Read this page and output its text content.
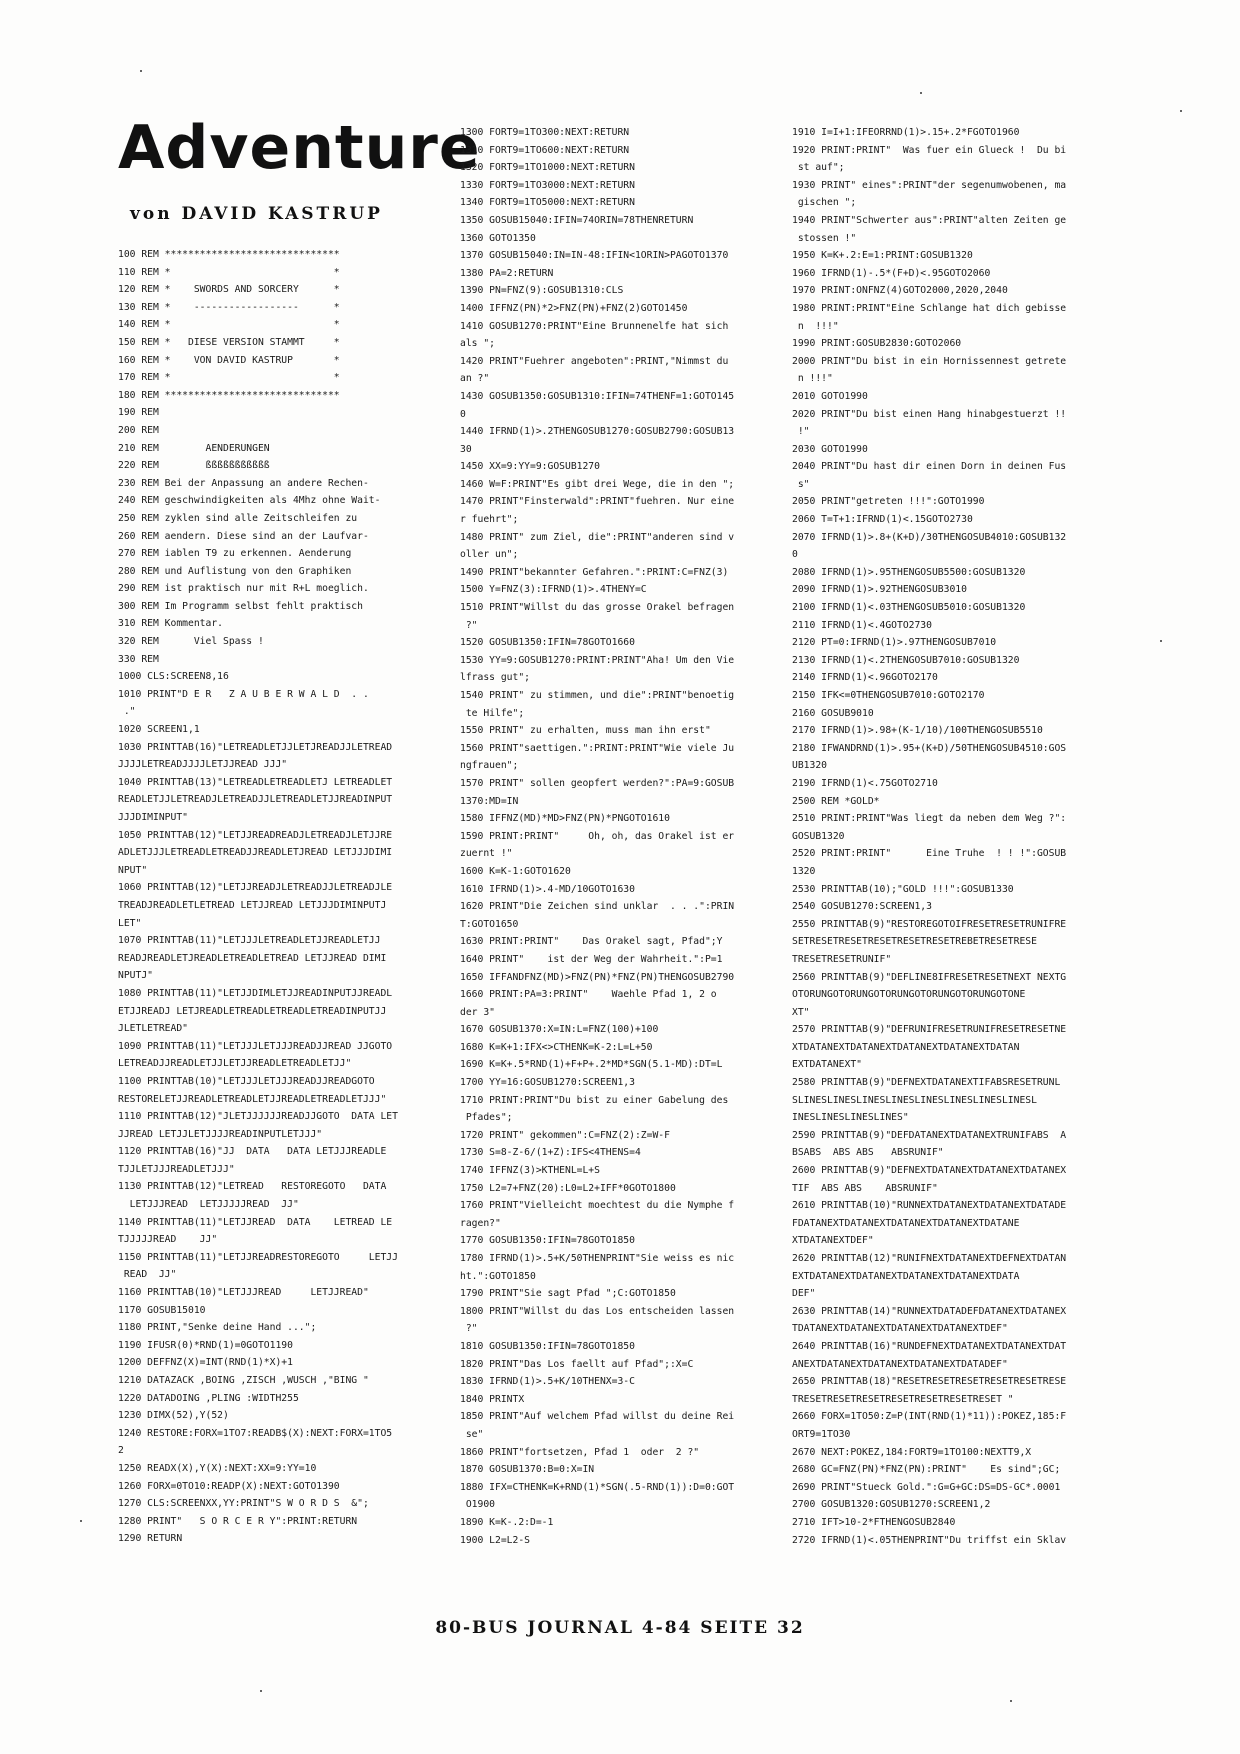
Adventure
von DAVID KASTRUP
100 REM ******************************
110 REM *                            *
120 REM *    SWORDS AND SORCERY      *
130 REM *    ------------------      *
140 REM *                            *
150 REM *   DIESE VERSION STAMMT     *
160 REM *    VON DAVID KASTRUP       *
170 REM *                            *
180 REM ******************************
190 REM
200 REM
210 REM        AENDERUNGEN
220 REM        ßßßßßßßßßßß
230 REM Bei der Anpassung an andere Rechen-
240 REM geschwindigkeiten als 4Mhz ohne Wait-
250 REM zyklen sind alle Zeitschleifen zu
260 REM aendern. Diese sind an der Laufvar-
270 REM iablen T9 zu erkennen. Aenderung
280 REM und Auflistung von den Graphiken
290 REM ist praktisch nur mit R+L moeglich.
300 REM Im Programm selbst fehlt praktisch
310 REM Kommentar.
320 REM      Viel Spass !
330 REM
1000 CLS:SCREEN8,16
1010 PRINT"D E R   Z A U B E R W A L D  . .
."
1020 SCREEN1,1
1030 PRINTTAB(16)"LETREADLETJJLETJREADJJLETREAD
JJJJLETREADJJJJLETJJREAD JJJ"
1040 PRINTTAB(13)"LETREADLETREADLETJ LETREADLET
READLETJJLETREADJLETREADJJLETREADLETJJREADINPUT
JJJDIMINPUT"
1050 PRINTTAB(12)"LETJJREADREADJLETREADJLETJJRE
ADLETJJJLETREADLETREADJJREADLETJREAD LETJJJDIMI
NPUT"
1060 PRINTTAB(12)"LETJJREADJLETREADJJLETREADJLE
TREADJREADLETLETREAD LETJJREAD LETJJJDIMINPUTJ
LET"
1070 PRINTTAB(11)"LETJJJLETREADLETJJREADLETJJ
READJREADLETJREADLETREADLETREAD LETJJREAD DIMI
NPUTJ"
1080 PRINTTAB(11)"LETJJDIMLETJJREADINPUTJJREADL
ETJJREADJ LETJREADLETREADLETREADLETREADINPUTJJ
JLETLETREAD"
1090 PRINTTAB(11)"LETJJJLETJJJREADJJREAD JJGOTO
LETREADJJREADLETJJLETJJREADLETREADLETJJ"
1100 PRINTTAB(10)"LETJJJLETJJJREADJJREADGOTO
RESTORELETJJREADLETREADLETJJREADLETREADLETJJJ"
1110 PRINTTAB(12)"JLETJJJJJJREADJJGOTO  DATA LET
JJREAD LETJJLETJJJJREADINPUTLETJJJ"
1120 PRINTTAB(16)"JJ  DATA   DATA LETJJJREADLE
TJJLETJJJREADLETJJJ"
1130 PRINTTAB(12)"LETREAD   RESTOREGOTO   DATA
LETJJJREAD  LETJJJJJREAD  JJ"
1140 PRINTTAB(11)"LETJJREAD  DATA    LETREAD LE
TJJJJJREAD    JJ"
1150 PRINTTAB(11)"LETJJREADRESTOREGOTO     LETJJ
READ  JJ"
1160 PRINTTAB(10)"LETJJJREAD     LETJJREAD"
1170 GOSUB15010
1180 PRINT,"Senke deine Hand ...";
1190 IFUSR(0)*RND(1)=0GOTO1190
1200 DEFFNZ(X)=INT(RND(1)*X)+1
1210 DATAZACK ,BOING ,ZISCH ,WUSCH ,"BING "
1220 DATADOING ,PLING :WIDTH255
1230 DIMX(52),Y(52)
1240 RESTORE:FORX=1TO7:READB$(X):NEXT:FORX=1TO5
2
1250 READX(X),Y(X):NEXT:XX=9:YY=10
1260 FORX=0TO10:READP(X):NEXT:GOTO1390
1270 CLS:SCREENXX,YY:PRINT"S W O R D S  &";
1280 PRINT"   S O R C E R Y":PRINT:RETURN
1290 RETURN
1300 FORT9=1TO300:NEXT:RETURN
1310 FORT9=1TO600:NEXT:RETURN
1320 FORT9=1TO1000:NEXT:RETURN
1330 FORT9=1TO3000:NEXT:RETURN
1340 FORT9=1TO5000:NEXT:RETURN
1350 GOSUB15040:IFIN=74ORIN=78THENRETURN
1360 GOTO1350
1370 GOSUB15040:IN=IN-48:IFIN<1ORIN>PAGOTO1370
1380 PA=2:RETURN
1390 PN=FNZ(9):GOSUB1310:CLS
1400 IFFNZ(PN)*2>FNZ(PN)+FNZ(2)GOTO1450
1410 GOSUB1270:PRINT"Eine Brunnenelfe hat sich
als ";
1420 PRINT"Fuehrer angeboten":PRINT,"Nimmst du
an ?"
1430 GOSUB1350:GOSUB1310:IFIN=74THENF=1:GOTO145
0
1440 IFRND(1)>.2THENGOSUB1270:GOSUB2790:GOSUB13
30
1450 XX=9:YY=9:GOSUB1270
1460 W=F:PRINT"Es gibt drei Wege, die in den ";
1470 PRINT"Finsterwald":PRINT"fuehren. Nur eine
r fuehrt";
1480 PRINT" zum Ziel, die":PRINT"anderen sind v
oller un";
1490 PRINT"bekannter Gefahren.":PRINT:C=FNZ(3)
1500 Y=FNZ(3):IFRND(1)>.4THENY=C
1510 PRINT"Willst du das grosse Orakel befragen
?"
1520 GOSUB1350:IFIN=78GOTO1660
1530 YY=9:GOSUB1270:PRINT:PRINT"Aha! Um den Vie
lfrass gut";
1540 PRINT" zu stimmen, und die":PRINT"benoetig
te Hilfe";
1550 PRINT" zu erhalten, muss man ihn erst"
1560 PRINT"saettigen.":PRINT:PRINT"Wie viele Ju
ngfrauen";
1570 PRINT" sollen geopfert werden?":PA=9:GOSUB
1370:MD=IN
1580 IFFNZ(MD)*MD>FNZ(PN)*PNGOTO1610
1590 PRINT:PRINT"     Oh, oh, das Orakel ist er
zuernt !"
1600 K=K-1:GOTO1620
1610 IFRND(1)>.4-MD/10GOTO1630
1620 PRINT"Die Zeichen sind unklar  . . .":PRIN
T:GOTO1650
1630 PRINT:PRINT"    Das Orakel sagt, Pfad";Y
1640 PRINT"    ist der Weg der Wahrheit.":P=1
1650 IFFANDFNZ(MD)>FNZ(PN)*FNZ(PN)THENGOSUB2790
1660 PRINT:PA=3:PRINT"    Waehle Pfad 1, 2 o
der 3"
1670 GOSUB1370:X=IN:L=FNZ(100)+100
1680 K=K+1:IFX<>CTHENK=K-2:L=L+50
1690 K=K+.5*RND(1)+F+P+.2*MD*SGN(5.1-MD):DT=L
1700 YY=16:GOSUB1270:SCREEN1,3
1710 PRINT:PRINT"Du bist zu einer Gabelung des
Pfades";
1720 PRINT" gekommen":C=FNZ(2):Z=W-F
1730 S=8-Z-6/(1+Z):IFS<4THENS=4
1740 IFFNZ(3)>KTHENL=L+S
1750 L2=7+FNZ(20):L0=L2+IFF*0GOTO1800
1760 PRINT"Vielleicht moechtest du die Nymphe f
ragen?"
1770 GOSUB1350:IFIN=78GOTO1850
1780 IFRND(1)>.5+K/50THENPRINT"Sie weiss es nic
ht.":GOTO1850
1790 PRINT"Sie sagt Pfad ";C:GOTO1850
1800 PRINT"Willst du das Los entscheiden lassen
?"
1810 GOSUB1350:IFIN=78GOTO1850
1820 PRINT"Das Los faellt auf Pfad";:X=C
1830 IFRND(1)>.5+K/10THENX=3-C
1840 PRINTX
1850 PRINT"Auf welchem Pfad willst du deine Rei
se"
1860 PRINT"fortsetzen, Pfad 1  oder  2 ?"
1870 GOSUB1370:B=0:X=IN
1880 IFX=CTHENK=K+RND(1)*SGN(.5-RND(1)):D=0:GOT
O1900
1890 K=K-.2:D=-1
1900 L2=L2-S
1910 I=I+1:IFEORRND(1)>.15+.2*FGOTO1960
1920 PRINT:PRINT"  Was fuer ein Glueck !  Du bi
st auf";
1930 PRINT" eines":PRINT"der segenumwobenen, ma
gischen ";
1940 PRINT"Schwerter aus":PRINT"alten Zeiten ge
stossen !"
1950 K=K+.2:E=1:PRINT:GOSUB1320
1960 IFRND(1)-.5*(F+D)<.95GOTO2060
1970 PRINT:ONFNZ(4)GOTO2000,2020,2040
1980 PRINT:PRINT"Eine Schlange hat dich gebisse
n  !!!"
1990 PRINT:GOSUB2830:GOTO2060
2000 PRINT"Du bist in ein Hornissennest getrete
n !!!"
2010 GOTO1990
2020 PRINT"Du bist einen Hang hinabgestuerzt !!
!"
2030 GOTO1990
2040 PRINT"Du hast dir einen Dorn in deinen Fus
s"
2050 PRINT"getreten !!!":GOTO1990
2060 T=T+1:IFRND(1)<.15GOTO2730
2070 IFRND(1)>.8+(K+D)/30THENGOSUB4010:GOSUB132
0
2080 IFRND(1)>.95THENGOSUB5500:GOSUB1320
2090 IFRND(1)>.92THENGOSUB3010
2100 IFRND(1)<.03THENGOSUB5010:GOSUB1320
2110 IFRND(1)<.4GOTO2730
2120 PT=0:IFRND(1)>.97THENGOSUB7010
2130 IFRND(1)<.2THENGOSUB7010:GOSUB1320
2140 IFRND(1)<.96GOTO2170
2150 IFK<=0THENGOSUB7010:GOTO2170
2160 GOSUB9010
2170 IFRND(1)>.98+(K-1/10)/100THENGOSUB5510
2180 IFWANDRND(1)>.95+(K+D)/50THENGOSUB4510:GOS
UB1320
2190 IFRND(1)<.75GOTO2710
2500 REM *GOLD*
2510 PRINT:PRINT"Was liegt da neben dem Weg ?":
GOSUB1320
2520 PRINT:PRINT"      Eine Truhe  ! ! !":GOSUB
1320
2530 PRINTTAB(10);"GOLD !!!":GOSUB1330
2540 GOSUB1270:SCREEN1,3
2550 PRINTTAB(9)"RESTOREGOTOIFRESETRESETRUNIFRE
SETRESETRESETRESETRESETRESETREBETRESETRESE
TRESETRESETRUNIF"
2560 PRINTTAB(9)"DEFLINE8IFRESETRESETNEXT NEXTG
OTORUNGOTORUNGOTORUNGOTORUNGOTORUNGOTONE
XT"
2570 PRINTTAB(9)"DEFRUNIFRESETRUNIFRESETRESETNE
XTDATANEXTDATANEXTDATANEXTDATANEXTDATAN
EXTDATANEXT"
2580 PRINTTAB(9)"DEFNEXTDATANEXTIFABSRESETRUNL
SLINESLINESLINESLINESLINESLINESLINESLINESL
INESLINESLINESLINES"
2590 PRINTTAB(9)"DEFDATANEXTDATANEXTRUNIFABS  A
BSABS  ABS ABS   ABSRUNIF"
2600 PRINTTAB(9)"DEFNEXTDATANEXTDATANEXTDATANEX
TIF  ABS ABS    ABSRUNIF"
2610 PRINTTAB(10)"RUNNEXTDATANEXTDATANEXTDATADE
FDATANEXTDATANEXTDATANEXTDATANEXTDATANE
XTDATANEXTDEF"
2620 PRINTTAB(12)"RUNIFNEXTDATANEXTDEFNEXTDATAN
EXTDATANEXTDATANEXTDATANEXTDATANEXTDATA
DEF"
2630 PRINTTAB(14)"RUNNEXTDATADEFDATANEXTDATANEX
TDATANEXTDATANEXTDATANEXTDATANEXTDEF"
2640 PRINTTAB(16)"RUNDEFNEXTDATANEXTDATANEXTDAT
ANEXTDATANEXTDATANEXTDATANEXTDATADEF"
2650 PRINTTAB(18)"RESETRESETRESETRESETRESETRESE
TRESETRESETRESETRESETRESETRESETRESET "
2660 FORX=1TO50:Z=P(INT(RND(1)*11)):POKEZ,185:F
ORT9=1TO30
2670 NEXT:POKEZ,184:FORT9=1TO100:NEXTT9,X
2680 GC=FNZ(PN)*FNZ(PN):PRINT"    Es sind";GC;
2690 PRINT"Stueck Gold.":G=G+GC:DS=DS-GC*.0001
2700 GOSUB1320:GOSUB1270:SCREEN1,2
2710 IFT>10-2*FTHENGOSUB2840
2720 IFRND(1)<.05THENPRINT"Du triffst ein Sklav
80-BUS JOURNAL 4-84 SEITE 32
